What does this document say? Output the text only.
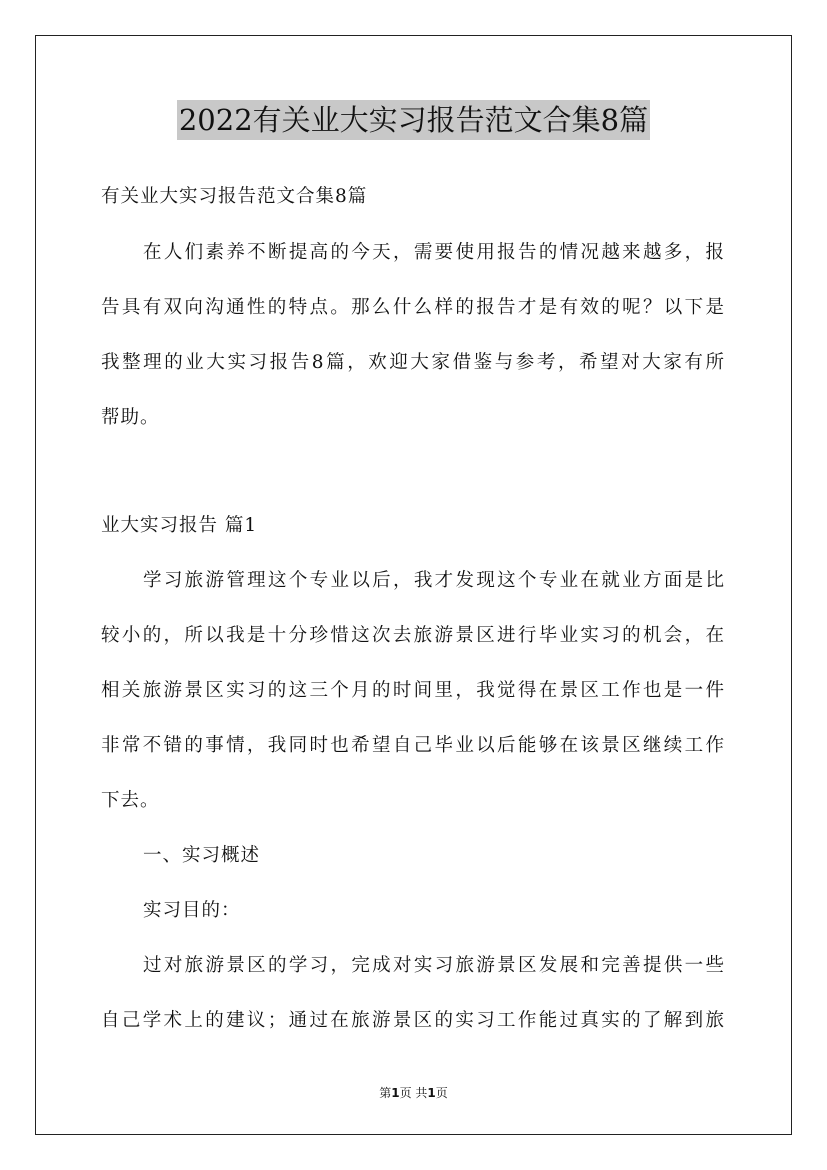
2022有关业大实习报告范文合集8篇
有关业大实习报告范文合集8篇
在人们素养不断提高的今天，需要使用报告的情况越来越多，报
告具有双向沟通性的特点。那么什么样的报告才是有效的呢？以下是
我整理的业大实习报告8篇，欢迎大家借鉴与参考，希望对大家有所
帮助。
业大实习报告 篇1
学习旅游管理这个专业以后，我才发现这个专业在就业方面是比
较小的，所以我是十分珍惜这次去旅游景区进行毕业实习的机会，在
相关旅游景区实习的这三个月的时间里，我觉得在景区工作也是一件
非常不错的事情，我同时也希望自己毕业以后能够在该景区继续工作
下去。
一、实习概述
实习目的：
过对旅游景区的学习，完成对实习旅游景区发展和完善提供一些
自己学术上的建议；通过在旅游景区的实习工作能过真实的了解到旅
第1页 共1页
